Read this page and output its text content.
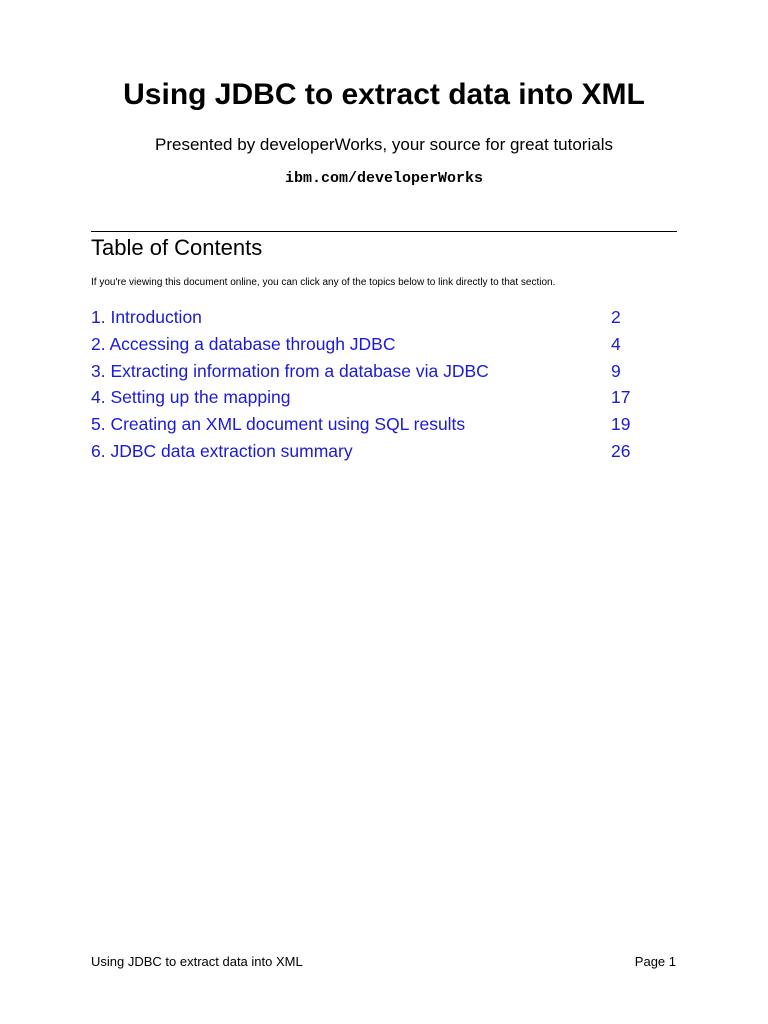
Using JDBC to extract data into XML
Presented by developerWorks, your source for great tutorials
ibm.com/developerWorks
Table of Contents
If you're viewing this document online, you can click any of the topics below to link directly to that section.
1. Introduction	2
2. Accessing a database through JDBC	4
3. Extracting information from a database via JDBC	9
4. Setting up the mapping	17
5. Creating an XML document using SQL results	19
6. JDBC data extraction summary	26
Using JDBC to extract data into XML	Page 1
